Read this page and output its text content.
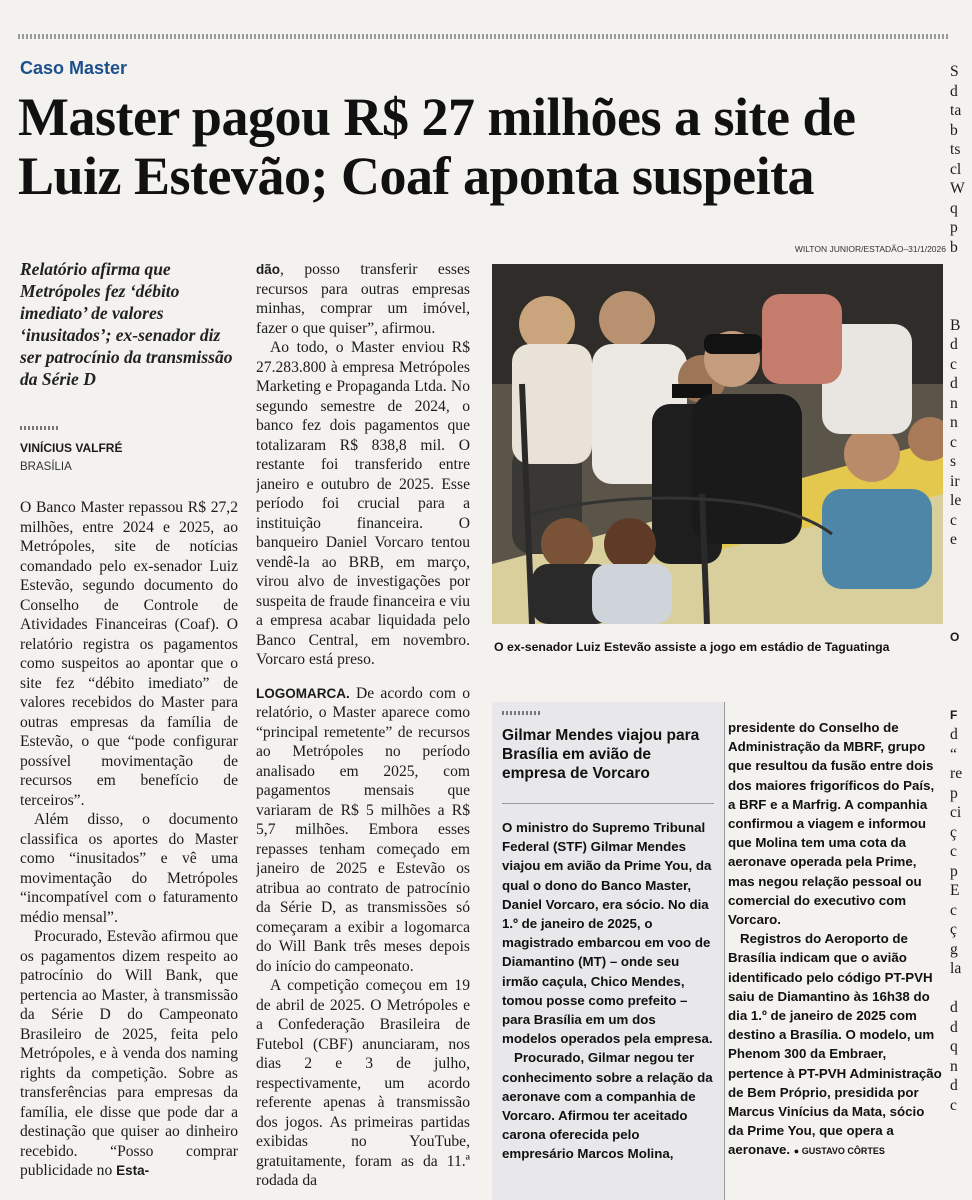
Caso Master
Master pagou R$ 27 milhões a site de
Luiz Estevão; Coaf aponta suspeita
WILTON JUNIOR/ESTADÃO–31/1/2026
Relatório afirma que Metrópoles fez ‘débito imediato’ de valores ‘inusitados’; ex-senador diz ser patrocínio da transmissão da Série D
VINÍCIUS VALFRÉ
BRASÍLIA

O Banco Master repassou R$ 27,2 milhões, entre 2024 e 2025, ao Metrópoles, site de notícias comandado pelo ex-senador Luiz Estevão, segundo documento do Conselho de Controle de Atividades Financeiras (Coaf). O relatório registra os pagamentos como suspeitos ao apontar que o site fez “débito imediato” de valores recebidos do Master para outras empresas da família de Estevão, o que “pode configurar possível movimentação de recursos em benefício de terceiros”.

Além disso, o documento classifica os aportes do Master como “inusitados” e vê uma movimentação do Metrópoles “incompatível com o faturamento médio mensal”.

Procurado, Estevão afirmou que os pagamentos dizem respeito ao patrocínio do Will Bank, que pertencia ao Master, à transmissão da Série D do Campeonato Brasileiro de 2025, feita pelo Metrópoles, e à venda dos naming rights da competição. Sobre as transferências para empresas da família, ele disse que pode dar a destinação que quiser ao dinheiro recebido. “Posso comprar publicidade no Esta-

dão, posso transferir esses recursos para outras empresas minhas, comprar um imóvel, fazer o que quiser”, afirmou.

Ao todo, o Master enviou R$ 27.283.800 à empresa Metrópoles Marketing e Propaganda Ltda. No segundo semestre de 2024, o banco fez dois pagamentos que totalizaram R$ 838,8 mil. O restante foi transferido entre janeiro e outubro de 2025. Esse período foi crucial para a instituição financeira. O banqueiro Daniel Vorcaro tentou vendê-la ao BRB, em março, virou alvo de investigações por suspeita de fraude financeira e viu a empresa acabar liquidada pelo Banco Central, em novembro. Vorcaro está preso.

LOGOMARCA. De acordo com o relatório, o Master aparece como “principal remetente” de recursos ao Metrópoles no período analisado em 2025, com pagamentos mensais que variaram de R$ 5 milhões a R$ 5,7 milhões. Embora esses repasses tenham começado em janeiro de 2025 e Estevão os atribua ao contrato de patrocínio da Série D, as transmissões só começaram a exibir a logomarca do Will Bank três meses depois do início do campeonato.

A competição começou em 19 de abril de 2025. O Metrópoles e a Confederação Brasileira de Futebol (CBF) anunciaram, nos dias 2 e 3 de julho, respectivamente, um acordo referente apenas à transmissão dos jogos. As primeiras partidas exibidas no YouTube, gratuitamente, foram as da 11.ª rodada da

O ex-senador Luiz Estevão assiste a jogo em estádio de Taguatinga
Gilmar Mendes viajou para Brasília em avião de empresa de Vorcaro

O ministro do Supremo Tribunal Federal (STF) Gilmar Mendes viajou em avião da Prime You, da qual o dono do Banco Master, Daniel Vorcaro, era sócio. No dia 1.º de janeiro de 2025, o magistrado embarcou em voo de Diamantino (MT) – onde seu irmão caçula, Chico Mendes, tomou posse como prefeito – para Brasília em um dos modelos operados pela empresa.

Procurado, Gilmar negou ter conhecimento sobre a relação da aeronave com a companhia de Vorcaro. Afirmou ter aceitado carona oferecida pelo empresário Marcos Molina,

presidente do Conselho de Administração da MBRF, grupo que resultou da fusão entre dois dos maiores frigoríficos do País, a BRF e a Marfrig. A companhia confirmou a viagem e informou que Molina tem uma cota da aeronave operada pela Prime, mas negou relação pessoal ou comercial do executivo com Vorcaro.

Registros do Aeroporto de Brasília indicam que o avião identificado pelo código PT-PVH saiu de Diamantino às 16h38 do dia 1.º de janeiro de 2025 com destino a Brasília. O modelo, um Phenom 300 da Embraer, pertence à PT-PVH Administração de Bem Próprio, presidida por Marcus Vinícius da Mata, sócio da Prime You, que opera a aeronave. ● GUSTAVO CÔRTES

S
d
ta
b
ts
cl
W
q
p
b
B
d
c
d
n
n
c
s
ir
le
c
e
O
F
d
“
re
p
ci
ç
c
p
E
c
ç
g
la
d
d
q
n
d
c
